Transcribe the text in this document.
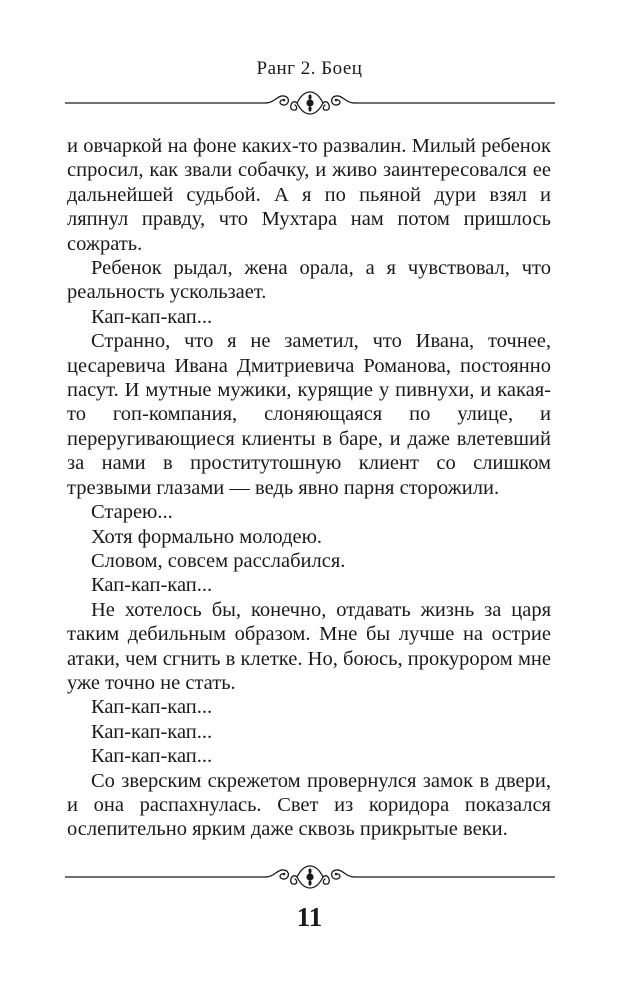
Ранг 2. Боец

и овчаркой на фоне каких-то развалин. Милый ребенок спросил, как звали собачку, и живо заинтересовался ее дальнейшей судьбой. А я по пьяной дури взял и ляпнул правду, что Мухтара нам потом пришлось сожрать.

Ребенок рыдал, жена орала, а я чувствовал, что реальность ускользает.

Кап-кап-кап...

Странно, что я не заметил, что Ивана, точнее, цесаревича Ивана Дмитриевича Романова, постоянно пасут. И мутные мужики, курящие у пивнухи, и какая-то гоп-компания, слоняющаяся по улице, и переругивающиеся клиенты в баре, и даже влетевший за нами в проститутошную клиент со слишком трезвыми глазами — ведь явно парня сторожили.

Старею...

Хотя формально молодею.

Словом, совсем расслабился.

Кап-кап-кап...

Не хотелось бы, конечно, отдавать жизнь за царя таким дебильным образом. Мне бы лучше на острие атаки, чем сгнить в клетке. Но, боюсь, прокурором мне уже точно не стать.

Кап-кап-кап...

Кап-кап-кап...

Кап-кап-кап...

Со зверским скрежетом провернулся замок в двери, и она распахнулась. Свет из коридора показался ослепительно ярким даже сквозь прикрытые веки.

11
